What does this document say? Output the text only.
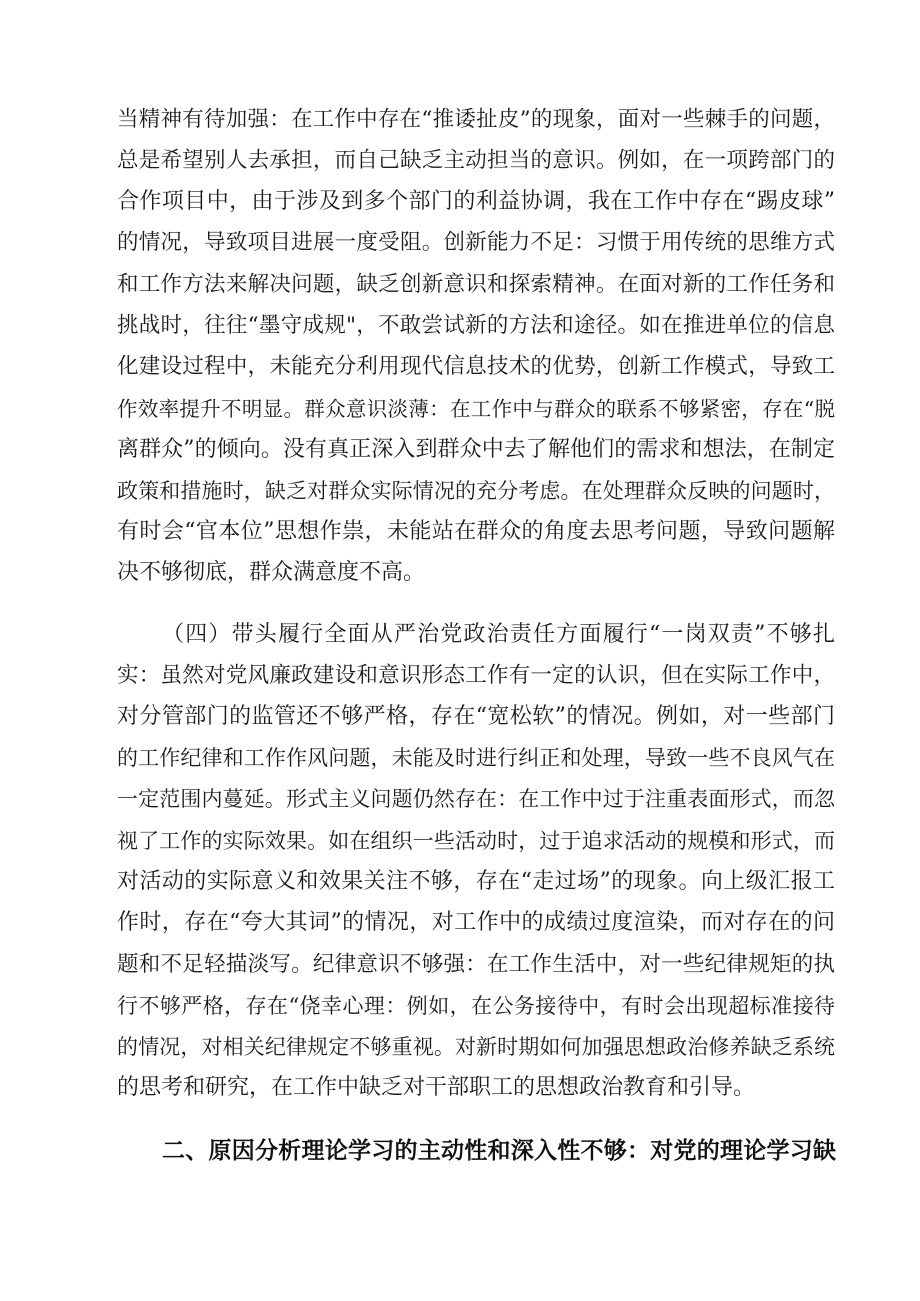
当精神有待加强：在工作中存在“推诿扯皮”的现象，面对一些棘手的问题，
总是希望别人去承担，而自己缺乏主动担当的意识。例如，在一项跨部门的
合作项目中，由于涉及到多个部门的利益协调，我在工作中存在“踢皮球”
的情况，导致项目进展一度受阻。创新能力不足：习惯于用传统的思维方式
和工作方法来解决问题，缺乏创新意识和探索精神。在面对新的工作任务和
挑战时，往往“墨守成规"，不敢尝试新的方法和途径。如在推进单位的信息
化建设过程中，未能充分利用现代信息技术的优势，创新工作模式，导致工
作效率提升不明显。群众意识淡薄：在工作中与群众的联系不够紧密，存在“脱
离群众”的倾向。没有真正深入到群众中去了解他们的需求和想法，在制定
政策和措施时，缺乏对群众实际情况的充分考虑。在处理群众反映的问题时，
有时会“官本位”思想作祟，未能站在群众的角度去思考问题，导致问题解
决不够彻底，群众满意度不高。
（四）带头履行全面从严治党政治责任方面履行“一岗双责”不够扎
实：虽然对党风廉政建设和意识形态工作有一定的认识，但在实际工作中，
对分管部门的监管还不够严格，存在“宽松软”的情况。例如，对一些部门
的工作纪律和工作作风问题，未能及时进行纠正和处理，导致一些不良风气在
一定范围内蔓延。形式主义问题仍然存在：在工作中过于注重表面形式，而忽
视了工作的实际效果。如在组织一些活动时，过于追求活动的规模和形式，而
对活动的实际意义和效果关注不够，存在“走过场”的现象。向上级汇报工
作时，存在“夸大其词”的情况，对工作中的成绩过度渲染，而对存在的问
题和不足轻描淡写。纪律意识不够强：在工作生活中，对一些纪律规矩的执
行不够严格，存在“侥幸心理：例如，在公务接待中，有时会出现超标准接待
的情况，对相关纪律规定不够重视。对新时期如何加强思想政治修养缺乏系统
的思考和研究，在工作中缺乏对干部职工的思想政治教育和引导。
二、原因分析理论学习的主动性和深入性不够：对党的理论学习缺
